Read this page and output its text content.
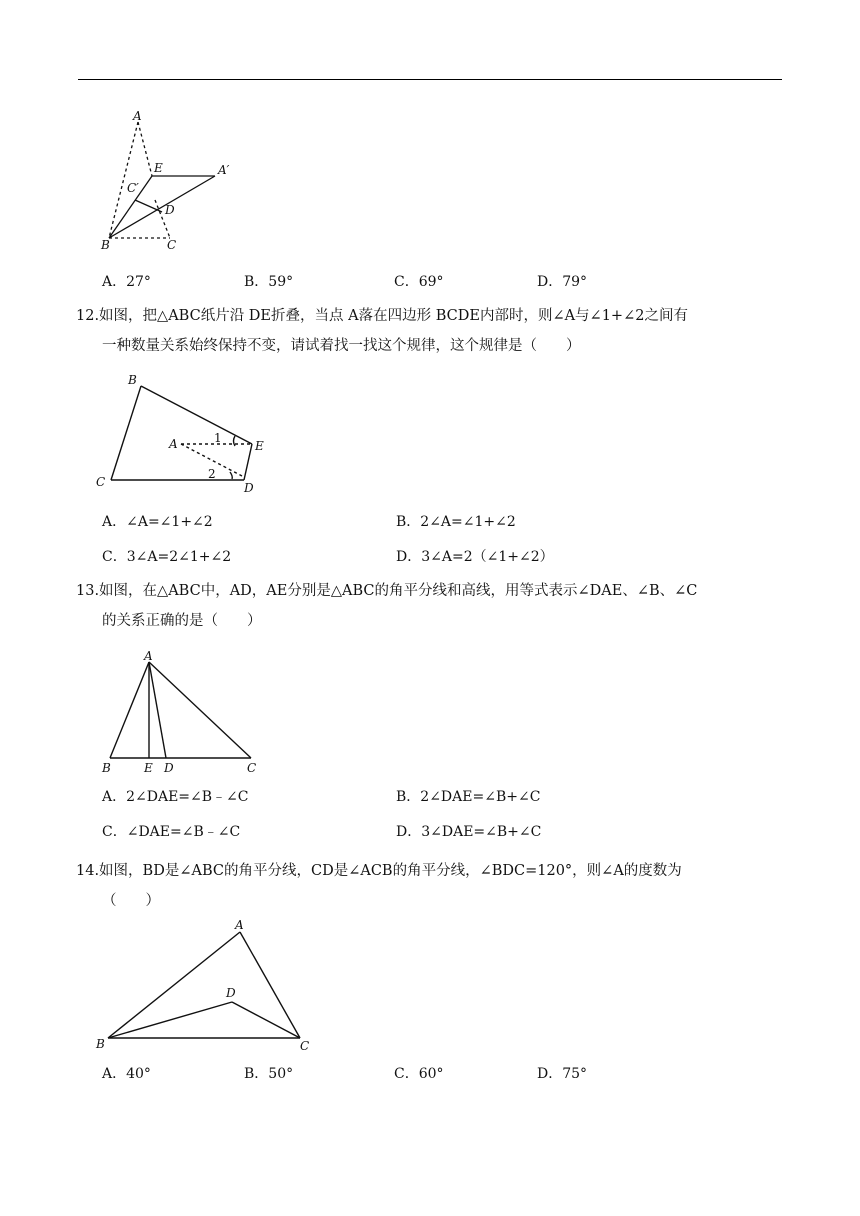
A
E	A′
C′
D
B	C
A．27°	B．59°	C．69°	D．79°
12.如图，把△ABC纸片沿 DE折叠，当点 A落在四边形 BCDE内部时，则∠A与∠1+∠2之间有
一种数量关系始终保持不变，请试着找一找这个规律，这个规律是（　　）
B
A	1
E
2
C	D
A．∠A=∠1+∠2	B．2∠A=∠1+∠2
C．3∠A=2∠1+∠2	D．3∠A=2（∠1+∠2）
13.如图，在△ABC中，AD，AE分别是△ABC的角平分线和高线，用等式表示∠DAE、∠B、∠C
的关系正确的是（　　）
A
B	E D	C
A．2∠DAE=∠B﹣∠C	B．2∠DAE=∠B+∠C
C．∠DAE=∠B﹣∠C	D．3∠DAE=∠B+∠C
14.如图，BD是∠ABC的角平分线，CD是∠ACB的角平分线，∠BDC=120°，则∠A的度数为
（　　）
A
D
B	C
A．40°	B．50°	C．60°	D．75°
